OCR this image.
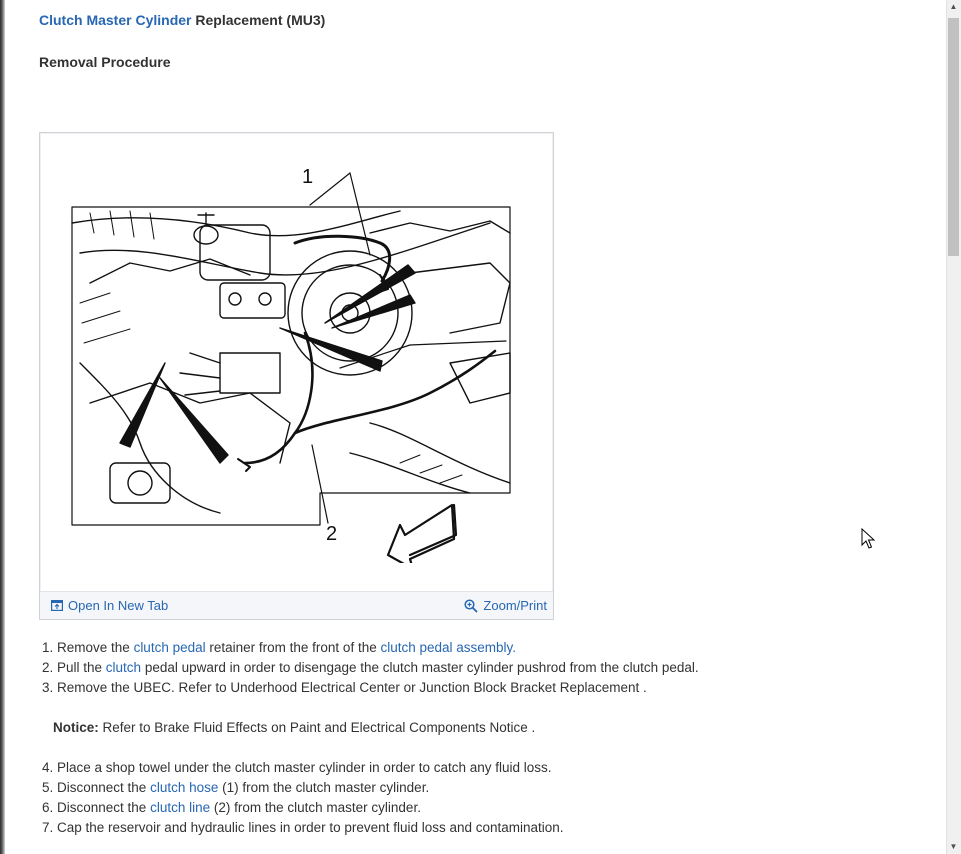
Clutch Master Cylinder Replacement (MU3)
Removal Procedure
1
2
Open In New Tab	Zoom/Print
1. Remove the clutch pedal retainer from the front of the clutch pedal assembly.
2. Pull the clutch pedal upward in order to disengage the clutch master cylinder pushrod from the clutch pedal.
3. Remove the UBEC. Refer to Underhood Electrical Center or Junction Block Bracket Replacement .
Notice: Refer to Brake Fluid Effects on Paint and Electrical Components Notice .
4. Place a shop towel under the clutch master cylinder in order to catch any fluid loss.
5. Disconnect the clutch hose (1) from the clutch master cylinder.
6. Disconnect the clutch line (2) from the clutch master cylinder.
7. Cap the reservoir and hydraulic lines in order to prevent fluid loss and contamination.
▲
▼
